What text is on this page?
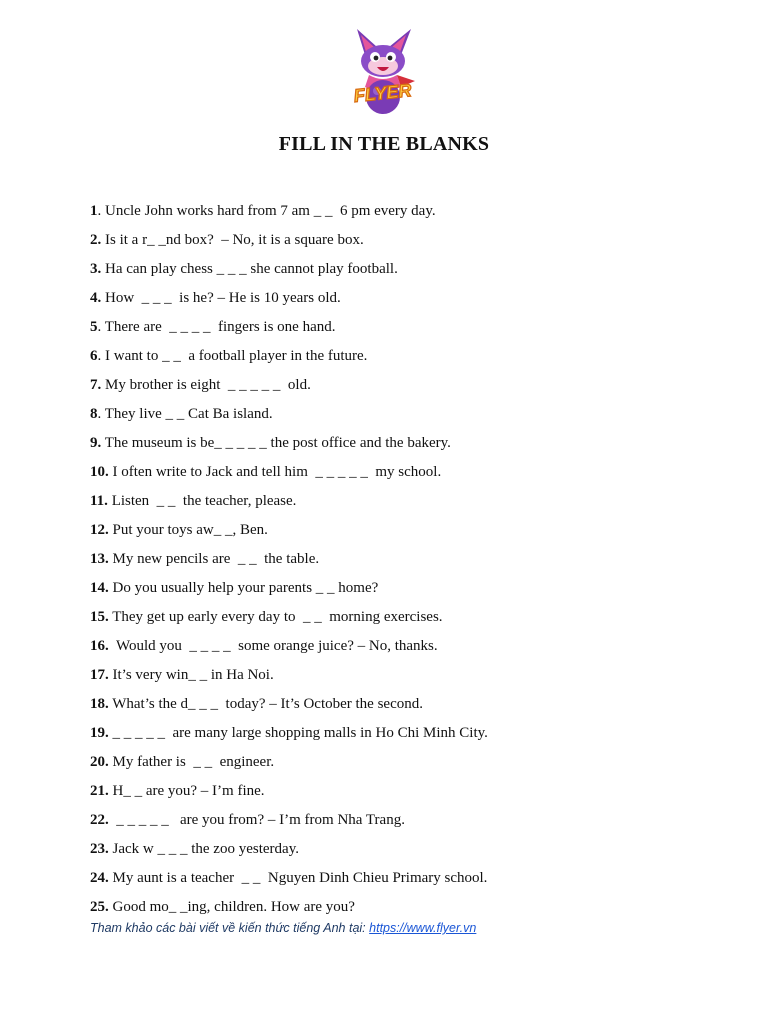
FLYER
FILL IN THE BLANKS
1. Uncle John works hard from 7 am _ _  6 pm every day.
2. Is it a r_ _nd box?  – No, it is a square box.
3. Ha can play chess _ _ _ she cannot play football.
4. How  _ _ _  is he? – He is 10 years old.
5. There are  _ _ _ _  fingers is one hand.
6. I want to _ _  a football player in the future.
7. My brother is eight  _ _ _ _ _  old.
8. They live _ _ Cat Ba island.
9. The museum is be_ _ _ _ _ the post office and the bakery.
10. I often write to Jack and tell him  _ _ _ _ _  my school.
11. Listen  _ _  the teacher, please.
12. Put your toys aw_ _, Ben.
13. My new pencils are  _ _  the table.
14. Do you usually help your parents _ _ home?
15. They get up early every day to  _ _  morning exercises.
16. Would you  _ _ _ _  some orange juice? – No, thanks.
17. It’s very win_ _ in Ha Noi.
18. What’s the d_ _ _  today? – It’s October the second.
19. _ _ _ _ _  are many large shopping malls in Ho Chi Minh City.
20. My father is  _ _  engineer.
21. H_ _ are you? – I’m fine.
22. _ _ _ _ _   are you from? – I’m from Nha Trang.
23. Jack w _ _ _ the zoo yesterday.
24. My aunt is a teacher  _ _  Nguyen Dinh Chieu Primary school.
25. Good mo_ _ing, children. How are you?
Tham khảo các bài viết về kiến thức tiếng Anh tại: https://www.flyer.vn
